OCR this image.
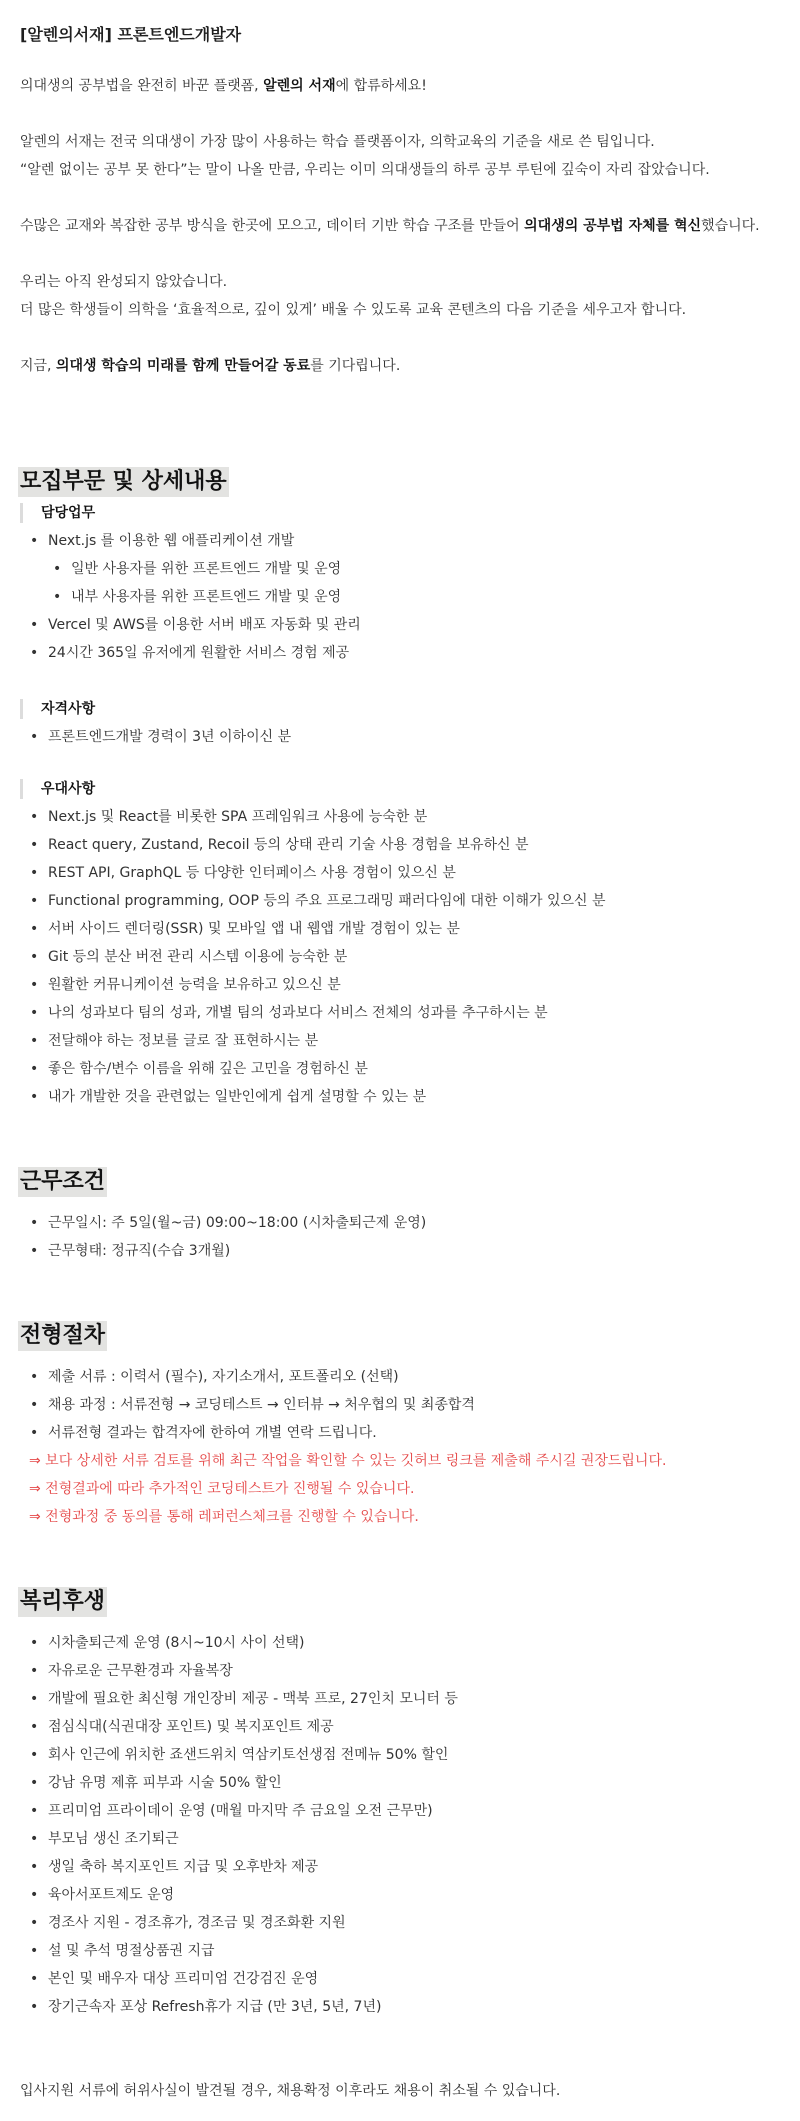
[알렌의서재] 프론트엔드개발자
의대생의 공부법을 완전히 바꾼 플랫폼, 알렌의 서재에 합류하세요!
알렌의 서재는 전국 의대생이 가장 많이 사용하는 학습 플랫폼이자, 의학교육의 기준을 새로 쓴 팀입니다.
“알렌 없이는 공부 못 한다”는 말이 나올 만큼, 우리는 이미 의대생들의 하루 공부 루틴에 깊숙이 자리 잡았습니다.
수많은 교재와 복잡한 공부 방식을 한곳에 모으고, 데이터 기반 학습 구조를 만들어 의대생의 공부법 자체를 혁신했습니다.
우리는 아직 완성되지 않았습니다.
더 많은 학생들이 의학을 ‘효율적으로, 깊이 있게’ 배울 수 있도록 교육 콘텐츠의 다음 기준을 세우고자 합니다.
지금, 의대생 학습의 미래를 함께 만들어갈 동료를 기다립니다.
모집부문 및 상세내용
담당업무
• Next.js 를 이용한 웹 애플리케이션 개발
• 일반 사용자를 위한 프론트엔드 개발 및 운영
• 내부 사용자를 위한 프론트엔드 개발 및 운영
• Vercel 및 AWS를 이용한 서버 배포 자동화 및 관리
• 24시간 365일 유저에게 원활한 서비스 경험 제공
자격사항
• 프론트엔드개발 경력이 3년 이하이신 분
우대사항
• Next.js 및 React를 비롯한 SPA 프레임워크 사용에 능숙한 분
• React query, Zustand, Recoil 등의 상태 관리 기술 사용 경험을 보유하신 분
• REST API, GraphQL 등 다양한 인터페이스 사용 경험이 있으신 분
• Functional programming, OOP 등의 주요 프로그래밍 패러다임에 대한 이해가 있으신 분
• 서버 사이드 렌더링(SSR) 및 모바일 앱 내 웹앱 개발 경험이 있는 분
• Git 등의 분산 버전 관리 시스템 이용에 능숙한 분
• 원활한 커뮤니케이션 능력을 보유하고 있으신 분
• 나의 성과보다 팀의 성과, 개별 팀의 성과보다 서비스 전체의 성과를 추구하시는 분
• 전달해야 하는 정보를 글로 잘 표현하시는 분
• 좋은 함수/변수 이름을 위해 깊은 고민을 경험하신 분
• 내가 개발한 것을 관련없는 일반인에게 쉽게 설명할 수 있는 분
근무조건
• 근무일시: 주 5일(월~금) 09:00~18:00 (시차출퇴근제 운영)
• 근무형태: 정규직(수습 3개월)
전형절차
• 제출 서류 : 이력서 (필수), 자기소개서, 포트폴리오 (선택)
• 채용 과정 : 서류전형 → 코딩테스트 → 인터뷰 → 처우협의 및 최종합격
• 서류전형 결과는 합격자에 한하여 개별 연락 드립니다.
⇒ 보다 상세한 서류 검토를 위해 최근 작업을 확인할 수 있는 깃허브 링크를 제출해 주시길 권장드립니다.
⇒ 전형결과에 따라 추가적인 코딩테스트가 진행될 수 있습니다.
⇒ 전형과정 중 동의를 통해 레퍼런스체크를 진행할 수 있습니다.
복리후생
• 시차출퇴근제 운영 (8시~10시 사이 선택)
• 자유로운 근무환경과 자율복장
• 개발에 필요한 최신형 개인장비 제공 - 맥북 프로, 27인치 모니터 등
• 점심식대(식권대장 포인트) 및 복지포인트 제공
• 회사 인근에 위치한 죠샌드위치 역삼키토선생점 전메뉴 50% 할인
• 강남 유명 제휴 피부과 시술 50% 할인
• 프리미엄 프라이데이 운영 (매월 마지막 주 금요일 오전 근무만)
• 부모님 생신 조기퇴근
• 생일 축하 복지포인트 지급 및 오후반차 제공
• 육아서포트제도 운영
• 경조사 지원 - 경조휴가, 경조금 및 경조화환 지원
• 설 및 추석 명절상품권 지급
• 본인 및 배우자 대상 프리미엄 건강검진 운영
• 장기근속자 포상 Refresh휴가 지급 (만 3년, 5년, 7년)
입사지원 서류에 허위사실이 발견될 경우, 채용확정 이후라도 채용이 취소될 수 있습니다.
